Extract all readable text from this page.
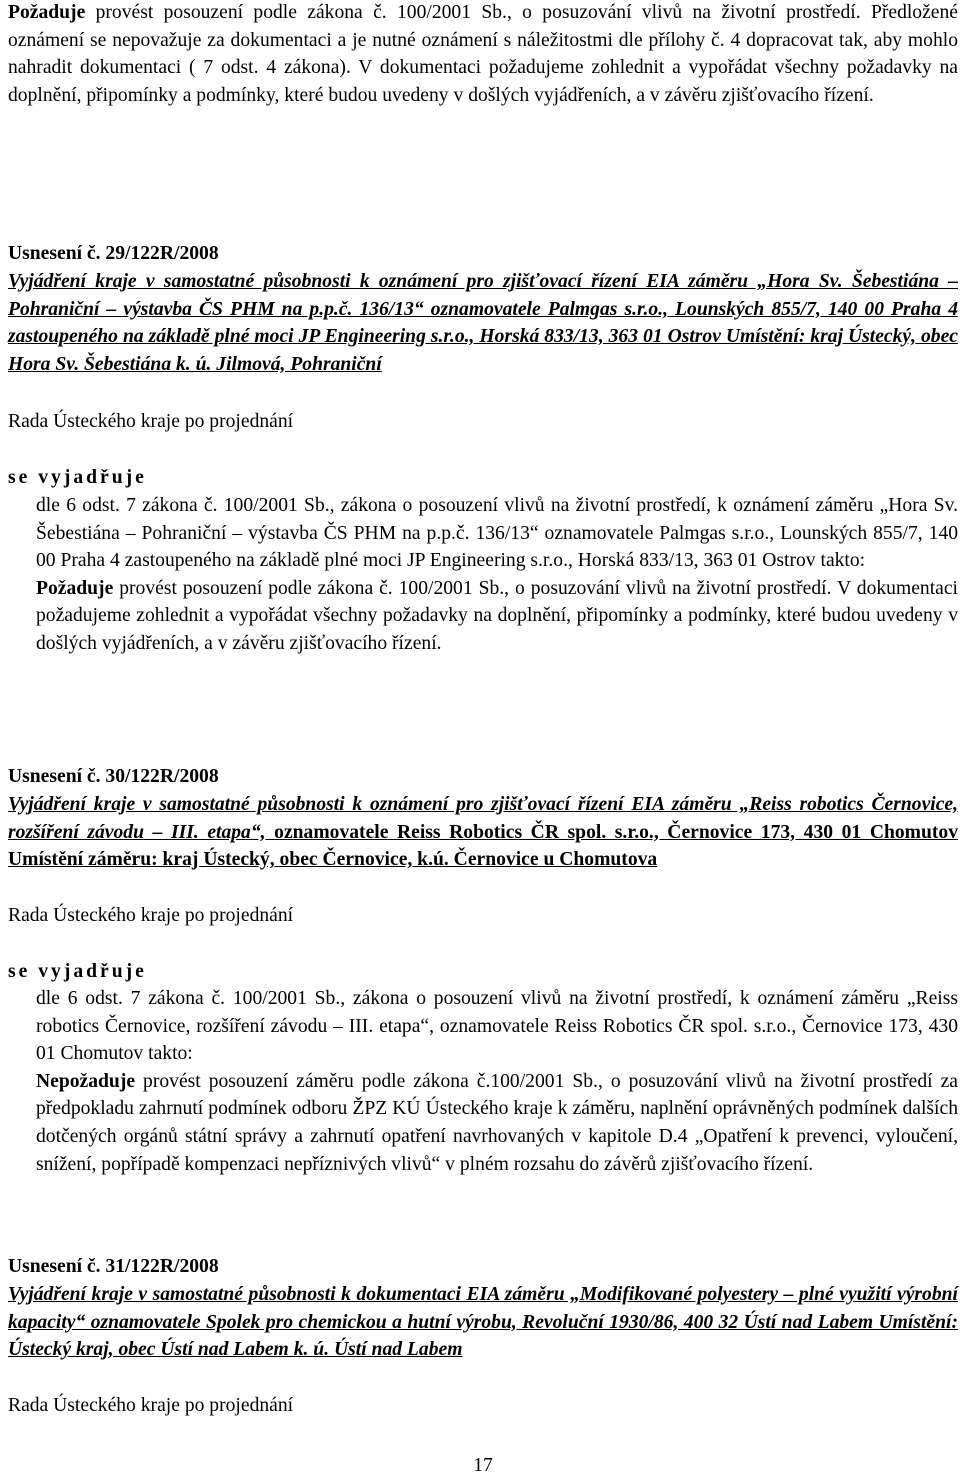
Požaduje provést posouzení podle zákona č. 100/2001 Sb., o posuzování vlivů na životní prostředí. Předložené oznámení se nepovažuje za dokumentaci a je nutné oznámení s náležitostmi dle přílohy č. 4 dopracovat tak, aby mohlo nahradit dokumentaci ( 7 odst. 4 zákona). V dokumentaci požadujeme zohlednit a vypořádat všechny požadavky na doplnění, připomínky a podmínky, které budou uvedeny v došlých vyjádřeních, a v závěru zjišťovacího řízení.
Usnesení č. 29/122R/2008
Vyjádření kraje v samostatné působnosti k oznámení pro zjišťovací řízení EIA záměru „Hora Sv. Šebestiána – Pohraniční – výstavba ČS PHM na p.p.č. 136/13“ oznamovatele Palmgas s.r.o., Lounských 855/7, 140 00 Praha 4 zastoupeného na základě plné moci JP Engineering s.r.o., Horská 833/13, 363 01 Ostrov Umístění: kraj Ústecký, obec Hora Sv. Šebestiána k. ú. Jilmová, Pohraniční
Rada Ústeckého kraje po projednání
se vyjadřuje
dle 6 odst. 7 zákona č. 100/2001 Sb., zákona o posouzení vlivů na životní prostředí, k oznámení záměru „Hora Sv. Šebestiána – Pohraniční – výstavba ČS PHM na p.p.č. 136/13“ oznamovatele Palmgas s.r.o., Lounských 855/7, 140 00 Praha 4 zastoupeného na základě plné moci JP Engineering s.r.o., Horská 833/13, 363 01 Ostrov takto:
Požaduje provést posouzení podle zákona č. 100/2001 Sb., o posuzování vlivů na životní prostředí. V dokumentaci požadujeme zohlednit a vypořádat všechny požadavky na doplnění, připomínky a podmínky, které budou uvedeny v došlých vyjádřeních, a v závěru zjišťovacího řízení.
Usnesení č. 30/122R/2008
Vyjádření kraje v samostatné působnosti k oznámení pro zjišťovací řízení EIA záměru „Reiss robotics Černovice, rozšíření závodu – III. etapa“, oznamovatele Reiss Robotics ČR spol. s.r.o., Černovice 173, 430 01 Chomutov Umístění záměru: kraj Ústecký, obec Černovice, k.ú. Černovice u Chomutova
Rada Ústeckého kraje po projednání
se vyjadřuje
dle 6 odst. 7 zákona č. 100/2001 Sb., zákona o posouzení vlivů na životní prostředí, k oznámení záměru „Reiss robotics Černovice, rozšíření závodu – III. etapa“, oznamovatele Reiss Robotics ČR spol. s.r.o., Černovice 173, 430 01 Chomutov takto:
Nepožaduje provést posouzení záměru podle zákona č.100/2001 Sb., o posuzování vlivů na životní prostředí za předpokladu zahrnutí podmínek odboru ŽPZ KÚ Ústeckého kraje k záměru, naplnění oprávněných podmínek dalších dotčených orgánů státní správy a zahrnutí opatření navrhovaných v kapitole D.4 „Opatření k prevenci, vyloučení, snížení, popřípadě kompenzaci nepříznivých vlivů“ v plném rozsahu do závěrů zjišťovacího řízení.
Usnesení č. 31/122R/2008
Vyjádření kraje v samostatné působnosti k dokumentaci EIA záměru „Modifikované polyestery – plné využití výrobní kapacity“ oznamovatele Spolek pro chemickou a hutní výrobu, Revoluční 1930/86, 400 32 Ústí nad Labem Umístění: Ústecký kraj, obec Ústí nad Labem k. ú. Ústí nad Labem
Rada Ústeckého kraje po projednání
17
